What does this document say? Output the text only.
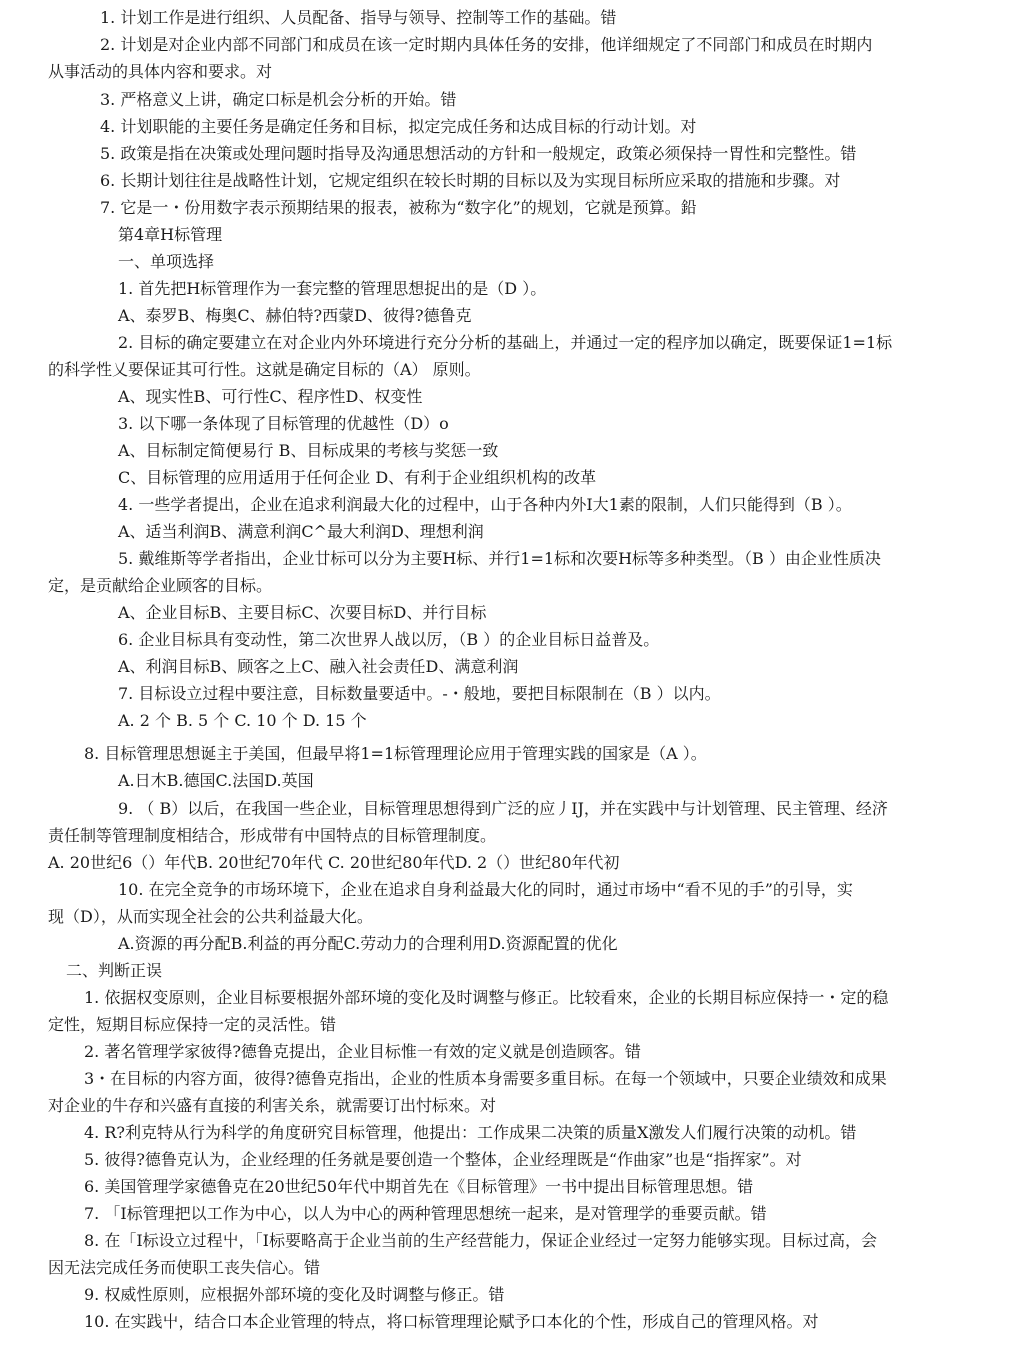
1. 计划工作是进行组织、人员配备、指导与领导、控制等工作的基础。错
2. 计划是对企业内部不同部门和成员在该一定时期内具体任务的安排，他详细规定了不同部门和成员在时期内
从事活动的具体内容和要求。对
3. 严格意义上讲，确定口标是机会分析的开始。错
4. 计划职能的主要任务是确定任务和目标，拟定完成任务和达成目标的行动计划。对
5. 政策是指在决策或处理问题时指导及沟通思想活动的方针和一般规定，政策必须保持一胃性和完整性。错
6. 长期计划往往是战略性计划，它规定组织在较长时期的目标以及为实现目标所应采取的措施和步骤。对
7. 它是一・份用数字表示预期结果的报表，被称为“数字化”的规划，它就是预算。鉛
第4章H标管理
一、单项选择
1. 首先把H标管理作为一套完整的管理思想捉出的是（D ）。
A、泰罗B、梅奥C、赫伯特?西蒙D、彼得?德鲁克
2. 目标的确定要建立在对企业内外环境进行充分分析的基础上，并通过一定的程序加以确定，既要保证1=1标
的科学性乂要保证其可行性。这就是确定目标的（A） 原则。
A、现实性B、可行性C、程序性D、权变性
3. 以下哪一条体现了目标管理的优越性（D）o
A、目标制定简便易行 B、目标成果的考核与奖惩一致
C、目标管理的应用适用于任何企业 D、有利于企业组织机构的改革
4. 一些学者提出，企业在追求利润最大化的过程中，山于各种内外I大1素的限制，人们只能得到（B ）。
A、适当利润B、满意利润C^最大利润D、理想利润
5. 戴维斯等学者指出，企业廿标可以分为主要H标、并行1=1标和次要H标等多种类型。（B ）由企业性质决
定，是贡献给企业顾客的目标。
A、企业目标B、主要目标C、次要目标D、并行目标
6. 企业目标具有变动性，第二次世界人战以厉，（B ）的企业目标日益普及。
A、利润目标B、顾客之上C、融入社会责任D、满意利润
7. 目标设立过程中要注意，目标数量要适中。-・般地，要把目标限制在（B ）以内。
A. 2 个 B. 5 个 C. 10 个 D. 15 个
8. 目标管理思想诞主于美国，但最早将1=1标管理理论应用于管理实践的国家是（A ）。
A.日木B.德国C.法国D.英国
9. （ B）以后，在我国一些企业，目标管理思想得到广泛的应丿IJ，并在实践中与计划管理、民主管理、经济
责任制等管理制度相结合，形成带有中国特点的目标管理制度。
A. 20世纪6（）年代B. 20世纪70年代 C. 20世纪80年代D. 2（）世纪80年代初
10. 在完全竞争的市场环境下，企业在追求自身利益最大化的同时，通过市场中“看不见的手”的引导，实
现（D），从而实现全社会的公共利益最大化。
A.资源的再分配B.利益的再分配C.劳动力的合理利用D.资源配置的优化
二、判断正误
1. 依据权变原则，企业目标要根据外部环境的变化及时调整与修正。比较看來，企业的长期目标应保持一・定的稳
定性，短期目标应保持一定的灵活性。错
2. 著名管理学家彼得?德鲁克提出，企业目标惟一有效的定义就是创造顾客。错
3・在目标的内容方面，彼得?德鲁克指出，企业的性质本身需要多重目标。在每一个领域中，只要企业绩效和成果
对企业的牛存和兴盛有直接的利害关糸，就需要订出忖标來。对
4. R?利克特从行为科学的角度研究目标管理，他提出：工作成果二决策的质量X激发人们履行决策的动机。错
5. 彼得?德鲁克认为，企业经理的任务就是要创造一个整体，企业经理既是“作曲家”也是“指挥家”。对
6. 美国管理学家德鲁克在20世纪50年代中期首先在《目标管理》一书中提出目标管理思想。错
7. 「I标管理把以工作为中心，以人为中心的两种管理思想统一起来，是对管理学的垂要贡献。错
8. 在「I标设立过程屮，「I标要略高于企业当前的生产经营能力，保证企业经过一定努力能够实现。目标过高，会
因无法完成任务而使职工丧失信心。错
9. 权威性原则，应根据外部环境的变化及时调整与修正。错
10. 在实践屮，结合口本企业管理的特点，将口标管理理论赋予口本化的个性，形成自己的管理风格。对
